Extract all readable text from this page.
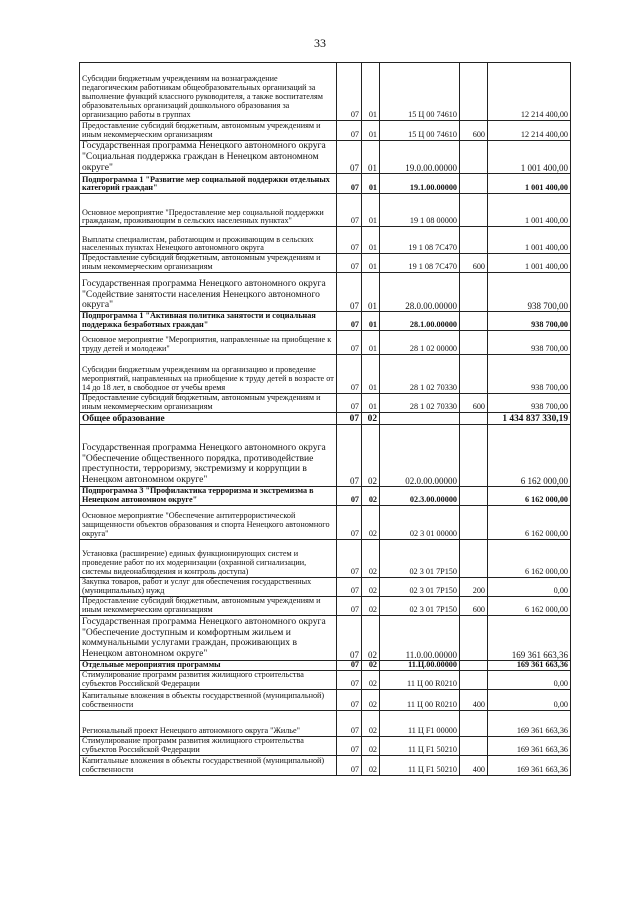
33
Субсидии бюджетным учреждениям на вознаграждение педагогическим работникам общеобразовательных организаций за выполнение функций классного руководителя, а также воспитателям образовательных организаций дошкольного образования за организацию работы в группах	07	01	15 Ц 00 74610		12 214 400,00
Предоставление субсидий бюджетным, автономным учреждениям и иным некоммерческим организациям	07	01	15 Ц 00 74610	600	12 214 400,00
Государственная программа Ненецкого автономного округа "Социальная поддержка граждан в Ненецком автономном округе"	07	01	19.0.00.00000		1 001 400,00
Подпрограмма 1 "Развитие мер социальной поддержки отдельных категорий граждан"	07	01	19.1.00.00000		1 001 400,00
Основное мероприятие "Предоставление мер социальной поддержки гражданам, проживающим в сельских населенных пунктах"	07	01	19 1 08 00000		1 001 400,00
Выплаты специалистам, работающим и проживающим в сельских населенных пунктах Ненецкого автономного округа	07	01	19 1 08 7С470		1 001 400,00
Предоставление субсидий бюджетным, автономным учреждениям и иным некоммерческим организациям	07	01	19 1 08 7С470	600	1 001 400,00
Государственная программа Ненецкого автономного округа "Содействие занятости населения Ненецкого автономного округа"	07	01	28.0.00.00000		938 700,00
Подпрограмма 1 "Активная политика занятости и социальная поддержка безработных граждан"	07	01	28.1.00.00000		938 700,00
Основное мероприятие "Мероприятия, направленные на приобщение к труду детей и молодежи"	07	01	28 1 02 00000		938 700,00
Субсидии бюджетным учреждениям на организацию и проведение мероприятий, направленных на приобщение к труду детей в возрасте от 14 до 18 лет, в свободное от учебы время	07	01	28 1 02 70330		938 700,00
Предоставление субсидий бюджетным, автономным учреждениям и иным некоммерческим организациям	07	01	28 1 02 70330	600	938 700,00
Общее образование	07	02			1 434 837 330,19
Государственная программа Ненецкого автономного округа "Обеспечение общественного порядка, противодействие преступности, терроризму, экстремизму и коррупции в Ненецком автономном округе"	07	02	02.0.00.00000		6 162 000,00
Подпрограмма 3 "Профилактика терроризма и экстремизма в Ненецком автономном округе"	07	02	02.3.00.00000		6 162 000,00
Основное мероприятие "Обеспечение антитеррористической защищенности объектов образования и спорта Ненецкого автономного округа"	07	02	02 3 01 00000		6 162 000,00
Установка (расширение) единых функционирующих систем и проведение работ по их модернизации (охранной сигнализации, системы видеонаблюдения и контроль доступа)	07	02	02 3 01 7Р150		6 162 000,00
Закупка товаров, работ и услуг для обеспечения государственных (муниципальных) нужд	07	02	02 3 01 7Р150	200	0,00
Предоставление субсидий бюджетным, автономным учреждениям и иным некоммерческим организациям	07	02	02 3 01 7Р150	600	6 162 000,00
Государственная программа Ненецкого автономного округа "Обеспечение доступным и комфортным жильем и коммунальными услугами граждан, проживающих в Ненецком автономном округе"	07	02	11.0.00.00000		169 361 663,36
Отдельные мероприятия программы	07	02	11.Ц.00.00000		169 361 663,36
Стимулирование программ развития жилищного строительства субъектов Российской Федерации	07	02	11 Ц 00 R0210		0,00
Капитальные вложения в объекты государственной (муниципальной) собственности	07	02	11 Ц 00 R0210	400	0,00
Региональный проект Ненецкого автономного округа "Жилье"	07	02	11 Ц F1 00000		169 361 663,36
Стимулирование программ развития жилищного строительства субъектов Российской Федерации	07	02	11 Ц F1 50210		169 361 663,36
Капитальные вложения в объекты государственной (муниципальной) собственности	07	02	11 Ц F1 50210	400	169 361 663,36
